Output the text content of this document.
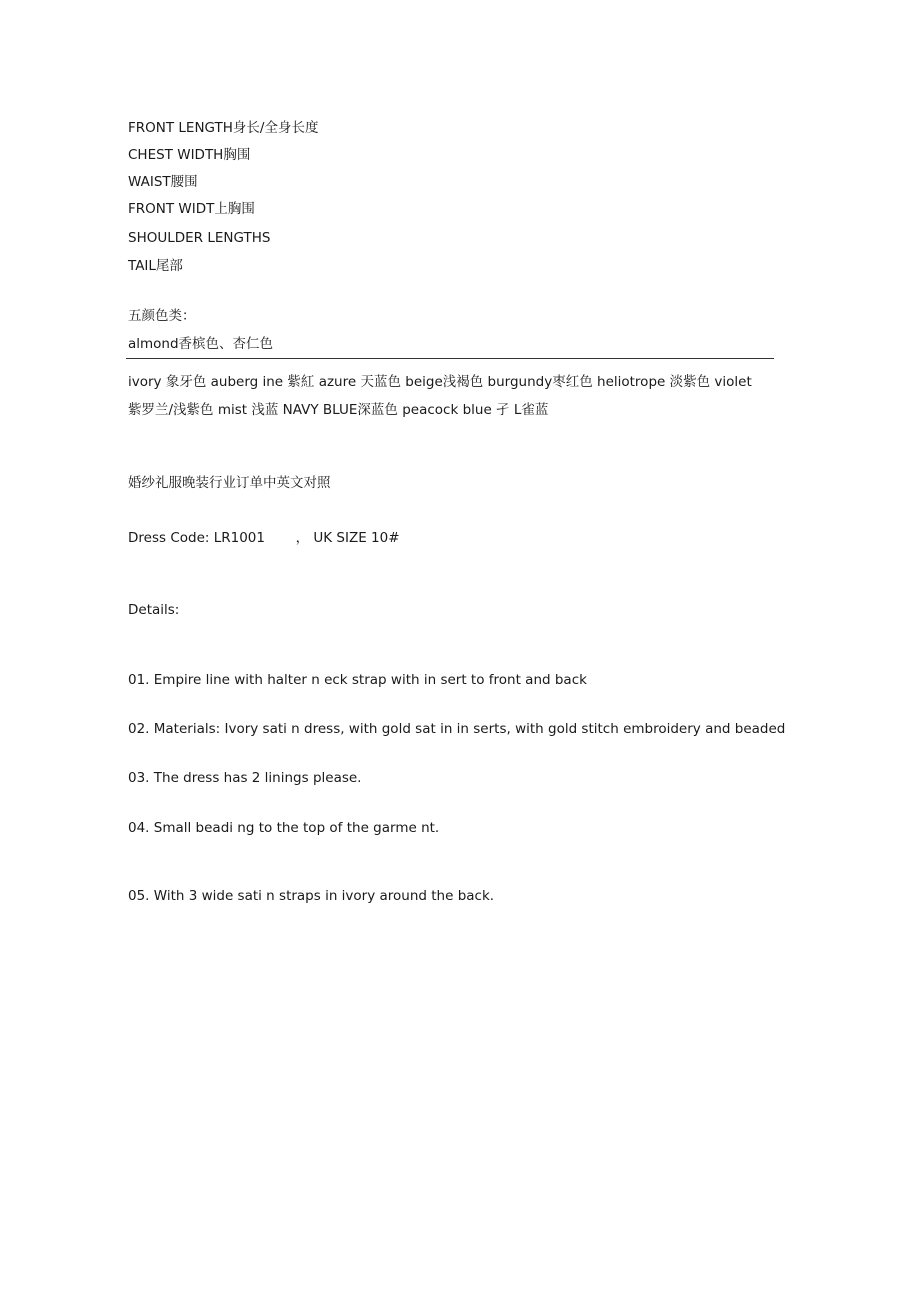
FRONT LENGTH身长/全身长度
CHEST WIDTH胸围
WAIST腰围
FRONT WIDT上胸围
SHOULDER LENGTHS
TAIL尾部
五颜色类：
almond香槟色、杏仁色
ivory 象牙色 auberg ine 紫紅 azure 天蓝色 beige浅褐色 burgundy枣红色 heliotrope 淡紫色 violet
紫罗兰/浅紫色 mist 浅蓝 NAVY BLUE深蓝色 peacock blue 孑 L雀蓝
婚纱礼服晚装行业订单中英文对照
Dress Code: LR1001 ， UK SIZE 10#
Details:
01. Empire line with halter n eck strap with in sert to front and back
02. Materials: Ivory sati n dress, with gold sat in in serts, with gold stitch embroidery and beaded
03. The dress has 2 linings please.
04. Small beadi ng to the top of the garme nt.
05. With 3 wide sati n straps in ivory around the back.
